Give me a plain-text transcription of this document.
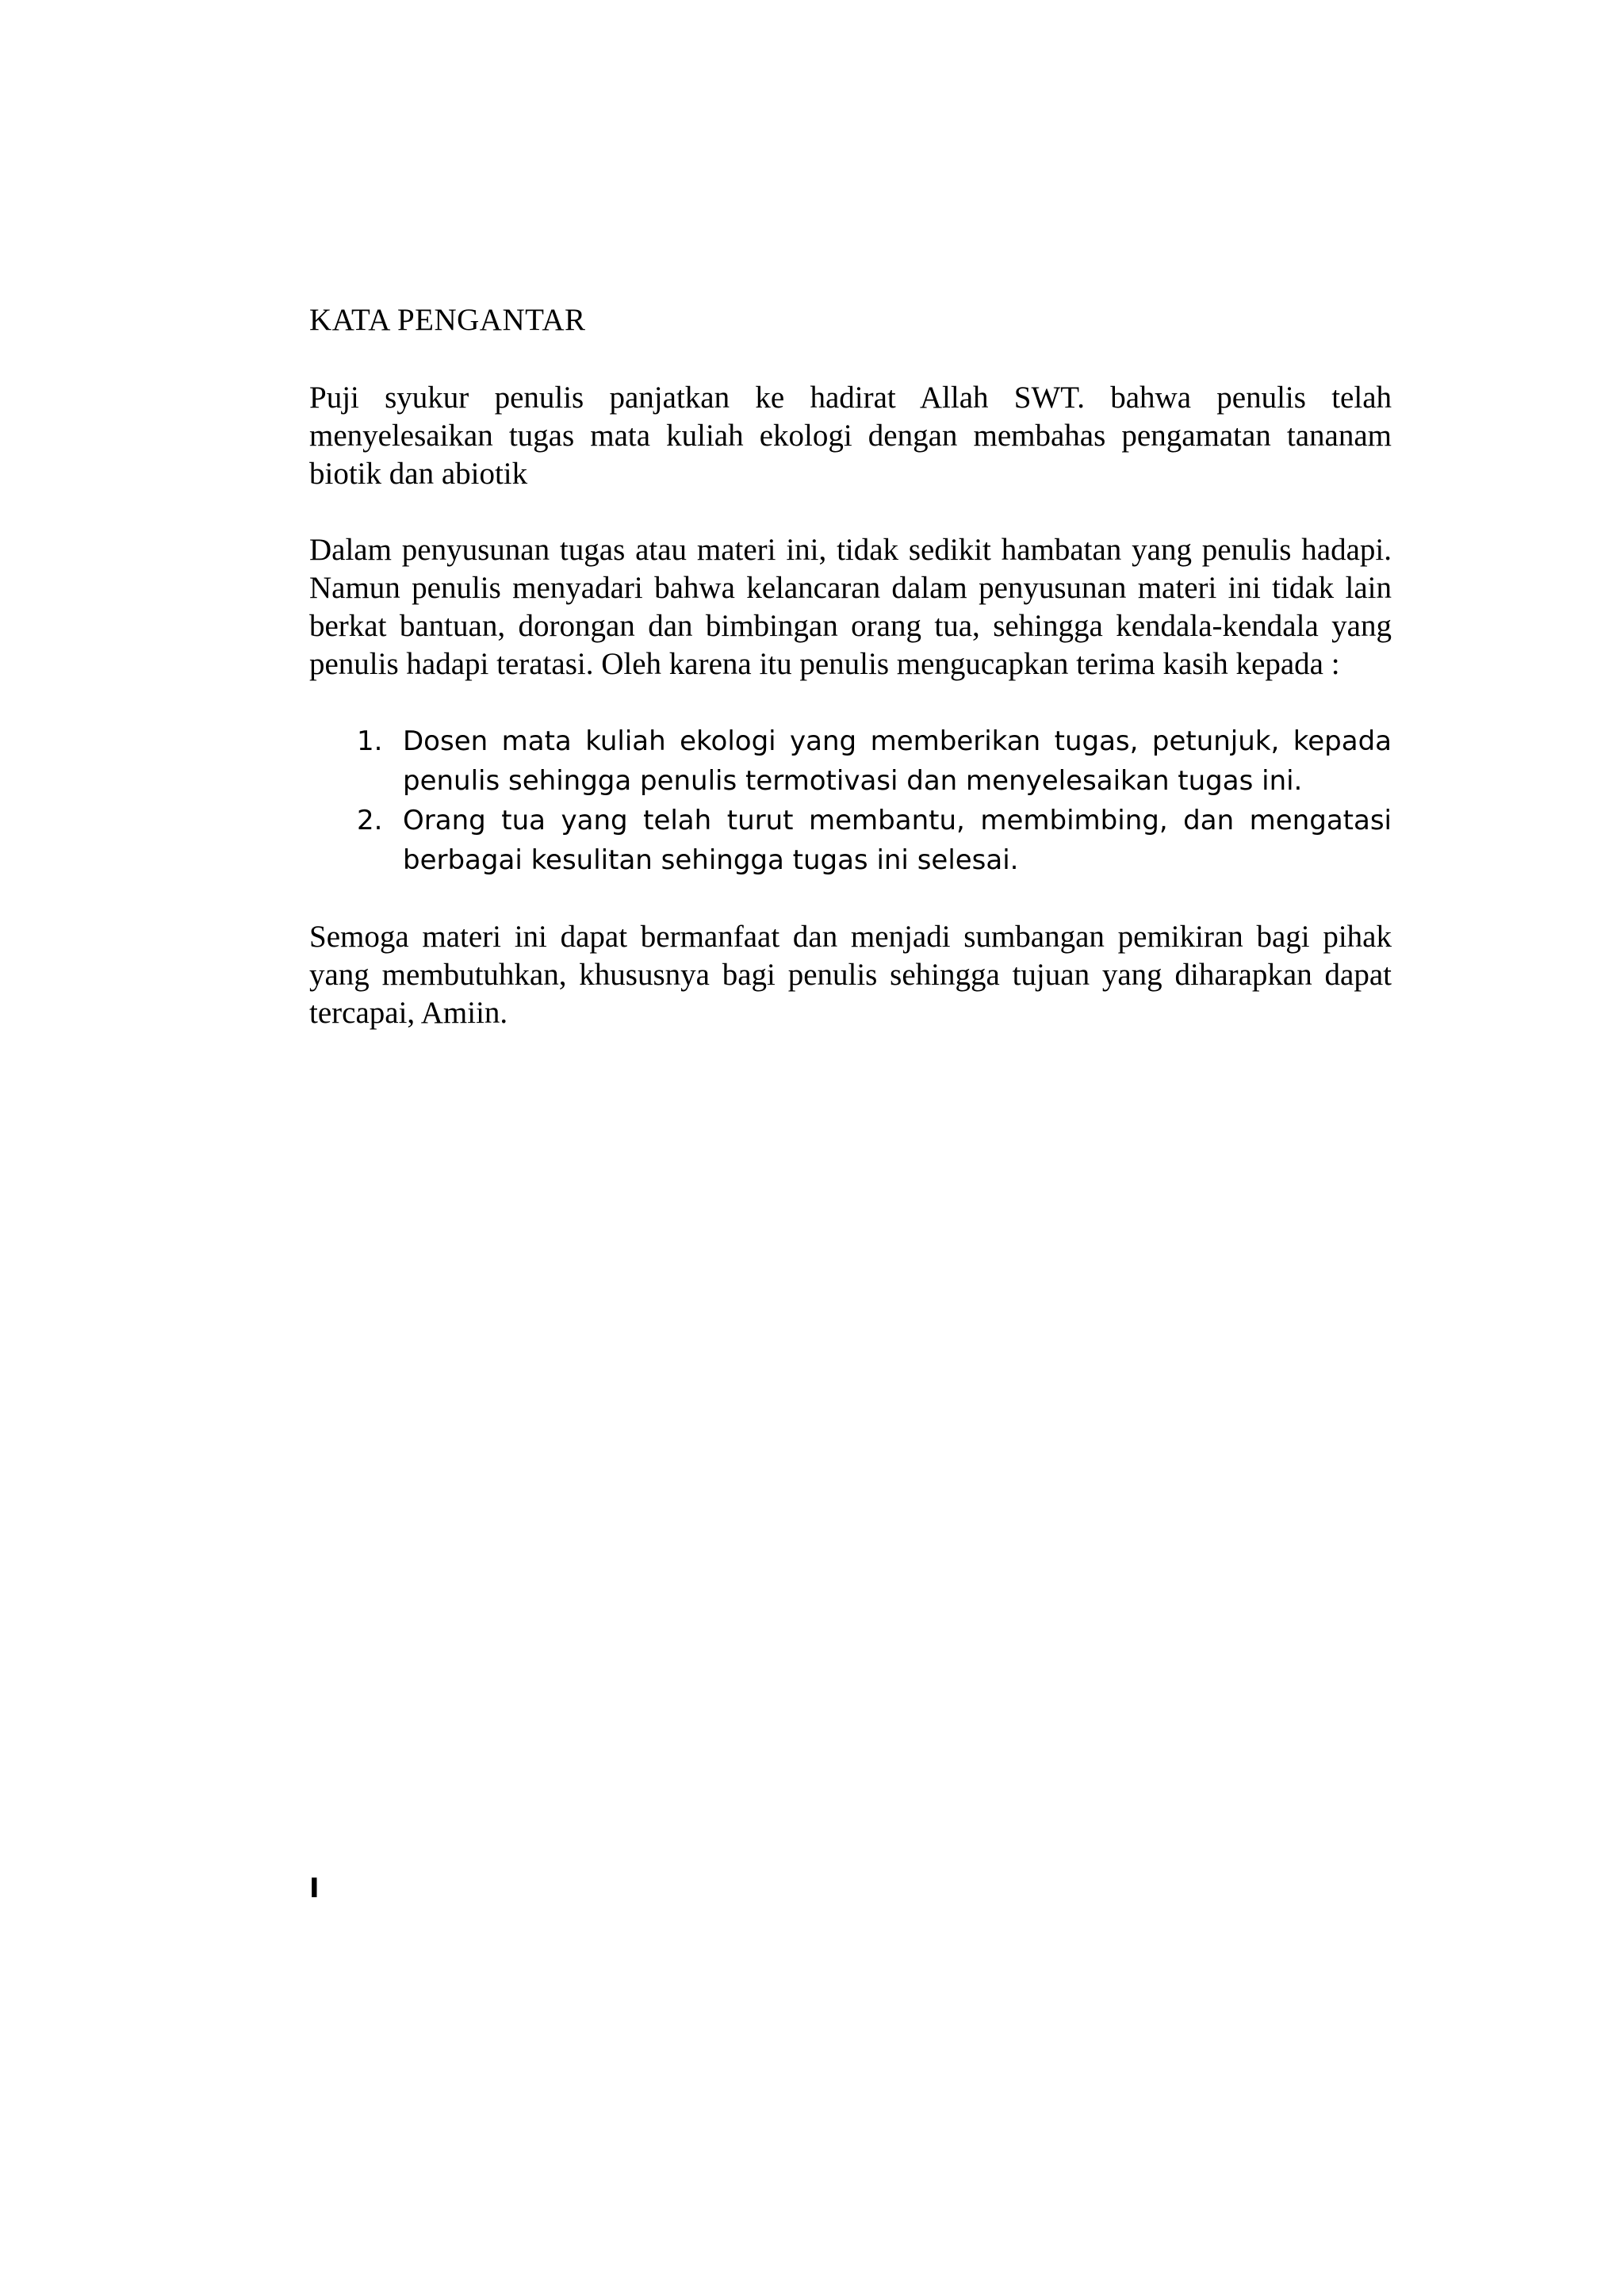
KATA PENGANTAR

Puji syukur penulis panjatkan ke hadirat Allah SWT. bahwa penulis telah menyelesaikan tugas mata kuliah ekologi dengan membahas pengamatan tananam biotik dan abiotik

Dalam penyusunan tugas atau materi ini, tidak sedikit hambatan yang penulis hadapi. Namun penulis menyadari bahwa kelancaran dalam penyusunan materi ini tidak lain berkat bantuan, dorongan dan bimbingan orang tua, sehingga kendala-kendala yang penulis hadapi teratasi. Oleh karena itu penulis mengucapkan terima kasih kepada :

1. Dosen mata kuliah ekologi yang memberikan tugas, petunjuk, kepada penulis sehingga penulis termotivasi dan menyelesaikan tugas ini.
2. Orang tua yang telah turut membantu, membimbing, dan mengatasi berbagai kesulitan sehingga tugas ini selesai.

Semoga materi ini dapat bermanfaat dan menjadi sumbangan pemikiran bagi pihak yang membutuhkan, khususnya bagi penulis sehingga tujuan yang diharapkan dapat tercapai, Amiin.

I
